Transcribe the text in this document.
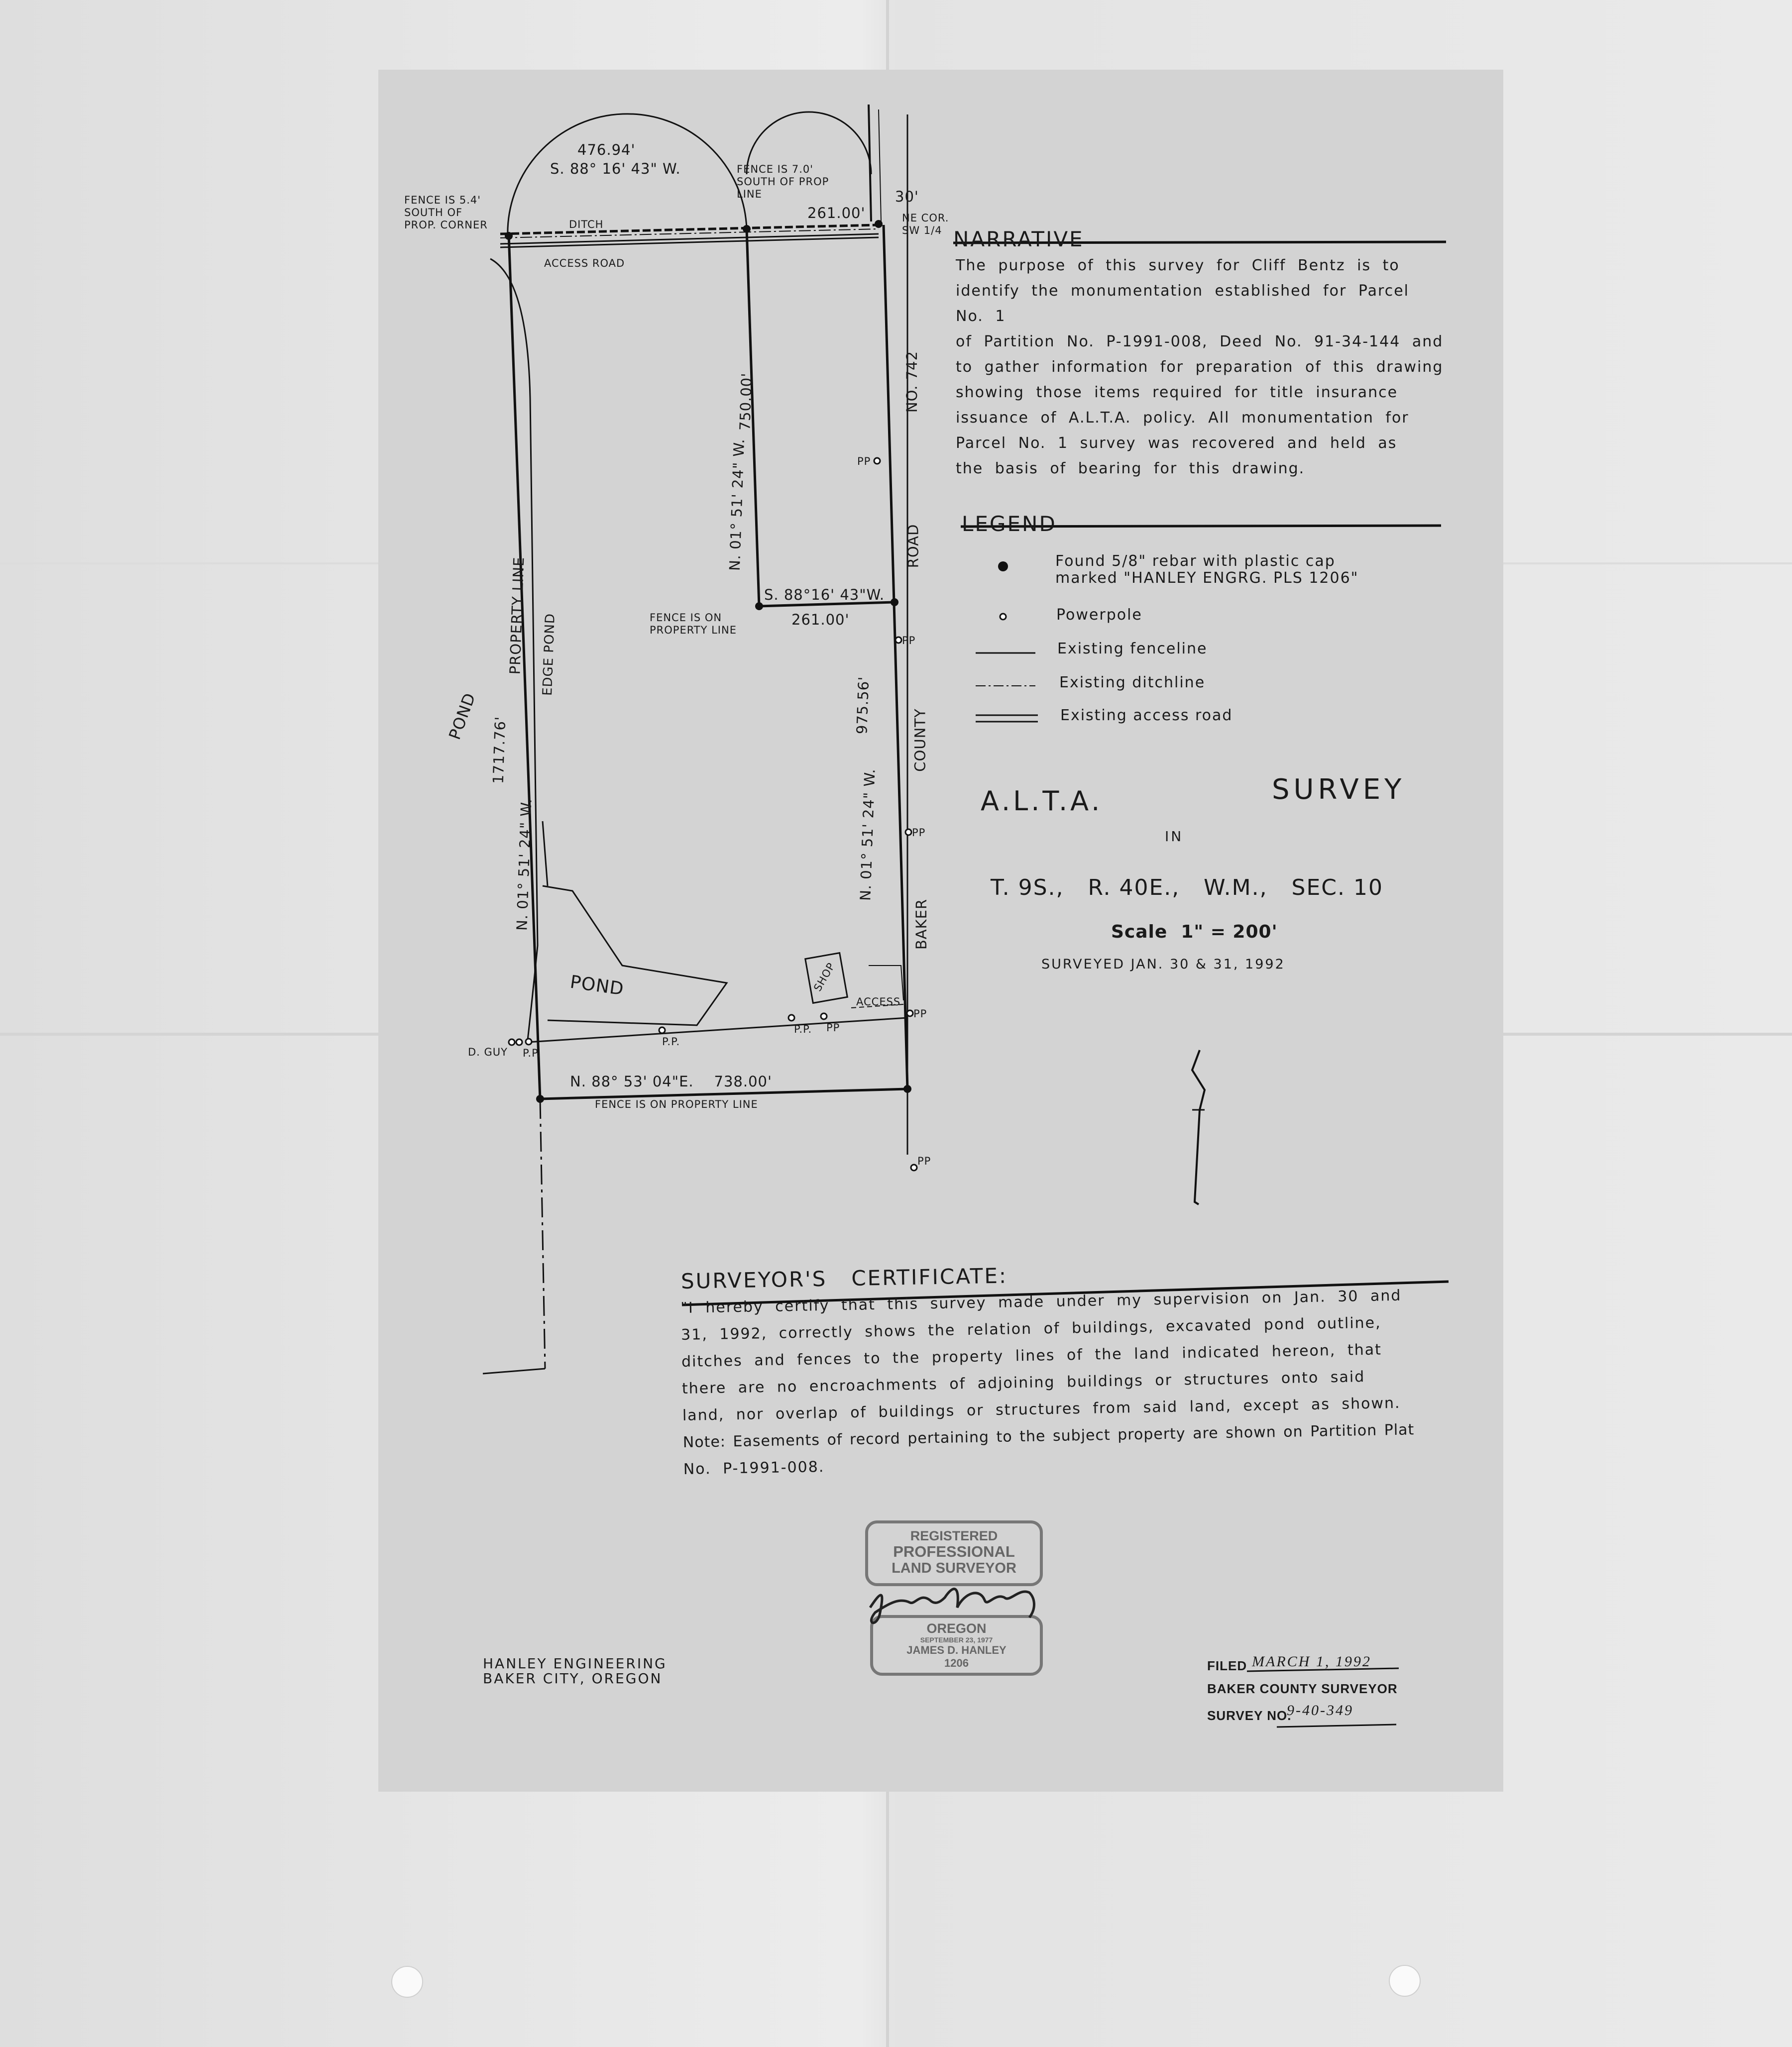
476.94'
S. 88° 16' 43" W.
FENCE IS 5.4'
SOUTH OF
PROP. CORNER
FENCE IS 7.0'
SOUTH OF PROP
LINE
DITCH
ACCESS ROAD
261.00'
30'
NE COR.
SW 1/4
N. 01° 51' 24" W.
750.00'
S. 88°16' 43"W.
261.00'
FENCE IS ON
PROPERTY LINE
NO. 742
ROAD
COUNTY
BAKER
N. 01° 51' 24" W.
975.56'
N. 01° 51' 24" W.
1717.76'
PROPERTY LINE EDGE POND
POND
POND	SHOP
ACCESS
N. 88° 53' 04"E.    738.00'
FENCE IS ON PROPERTY LINE
D. GUY P.P.
P.P.
P.P. PP
PP
PP
PP
PP
PP
NARRATIVE
The purpose of this survey for Cliff Bentz is to
identify the monumentation established for Parcel No. 1
of Partition No. P-1991-008, Deed No. 91-34-144 and
to gather information for preparation of this drawing
showing those items required for title insurance
issuance of A.L.T.A. policy. All monumentation for
Parcel No. 1 survey was recovered and held as
the basis of bearing for this drawing.
LEGEND
Found 5/8" rebar with plastic cap
marked "HANLEY ENGRG. PLS 1206"
Powerpole
Existing fenceline
Existing ditchline
Existing access road
A.L.T.A.	SURVEY
IN
T. 9S.,   R. 40E.,   W.M.,   SEC. 10
Scale  1" = 200'
SURVEYED JAN. 30 & 31, 1992
SURVEYOR'S   CERTIFICATE:
"I hereby certify that this survey made under my supervision on Jan. 30 and
31, 1992, correctly shows the relation of buildings, excavated pond outline,
ditches and fences to the property lines of the land indicated hereon, that
there are no encroachments of adjoining buildings or structures onto said
land, nor overlap of buildings or structures from said land, except as shown.
Note: Easements of record pertaining to the subject property are shown on Partition Plat
No. P-1991-008.
REGISTERED
PROFESSIONAL
LAND SURVEYOR
OREGON
SEPTEMBER 23, 1977
JAMES D. HANLEY
1206
HANLEY ENGINEERING
BAKER CITY, OREGON
FILED MARCH 1, 1992
BAKER COUNTY SURVEYOR
SURVEY NO.
9-40-349
